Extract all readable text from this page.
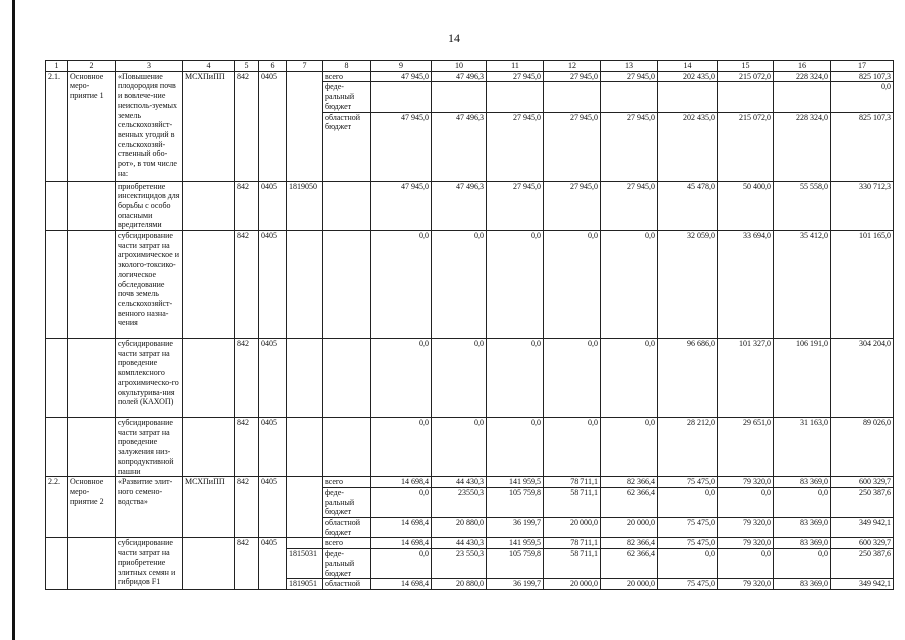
14
1	2	3	4	5	6	7	8	9	10	11	12	13	14	15	16	17
2.1.	Основное меро-приятие 1	«Повышение плодородия почв и вовлече-ние неисполь-зуемых земель сельскохозяйст-венных угодий в сельскохозяй-ственный обо-рот», в том числе на:	МСХПиПП	842	0405		всего	47 945,0	47 496,3	27 945,0	27 945,0	27 945,0	202 435,0	215 072,0	228 324,0	825 107,3
							феде-ральный бюджет									0,0
							областной бюджет	47 945,0	47 496,3	27 945,0	27 945,0	27 945,0	202 435,0	215 072,0	228 324,0	825 107,3
		приобретение инсектицидов для борьбы с особо опасными вредителями		842	0405	1819050		47 945,0	47 496,3	27 945,0	27 945,0	27 945,0	45 478,0	50 400,0	55 558,0	330 712,3
		субсидирование части затрат на агрохимическое и эколого-токсико-логическое обследование почв земель сельскохозяйст-венного назна-чения		842	0405			0,0	0,0	0,0	0,0	0,0	32 059,0	33 694,0	35 412,0	101 165,0
		субсидирование части затрат на проведение комплексного агрохимическо-го окультурива-ния полей (КАХОП)		842	0405			0,0	0,0	0,0	0,0	0,0	96 686,0	101 327,0	106 191,0	304 204,0
		субсидирование части затрат на проведение залужения низ-копродуктивной пашни		842	0405			0,0	0,0	0,0	0,0	0,0	28 212,0	29 651,0	31 163,0	89 026,0
2.2.	Основное меро-приятие 2	«Развитие элит-ного семено-водства»	МСХПиПП	842	0405		всего	14 698,4	44 430,3	141 959,5	78 711,1	82 366,4	75 475,0	79 320,0	83 369,0	600 329,7
							феде-ральный бюджет	0,0	23550,3	105 759,8	58 711,1	62 366,4	0,0	0,0	0,0	250 387,6
							областной бюджет	14 698,4	20 880,0	36 199,7	20 000,0	20 000,0	75 475,0	79 320,0	83 369,0	349 942,1
		субсидирование части затрат на приобретение элитных семян и гибридов F1		842	0405		всего	14 698,4	44 430,3	141 959,5	78 711,1	82 366,4	75 475,0	79 320,0	83 369,0	600 329,7
						1815031	феде-ральный бюджет	0,0	23 550,3	105 759,8	58 711,1	62 366,4	0,0	0,0	0,0	250 387,6
						1819051	областной	14 698,4	20 880,0	36 199,7	20 000,0	20 000,0	75 475,0	79 320,0	83 369,0	349 942,1
